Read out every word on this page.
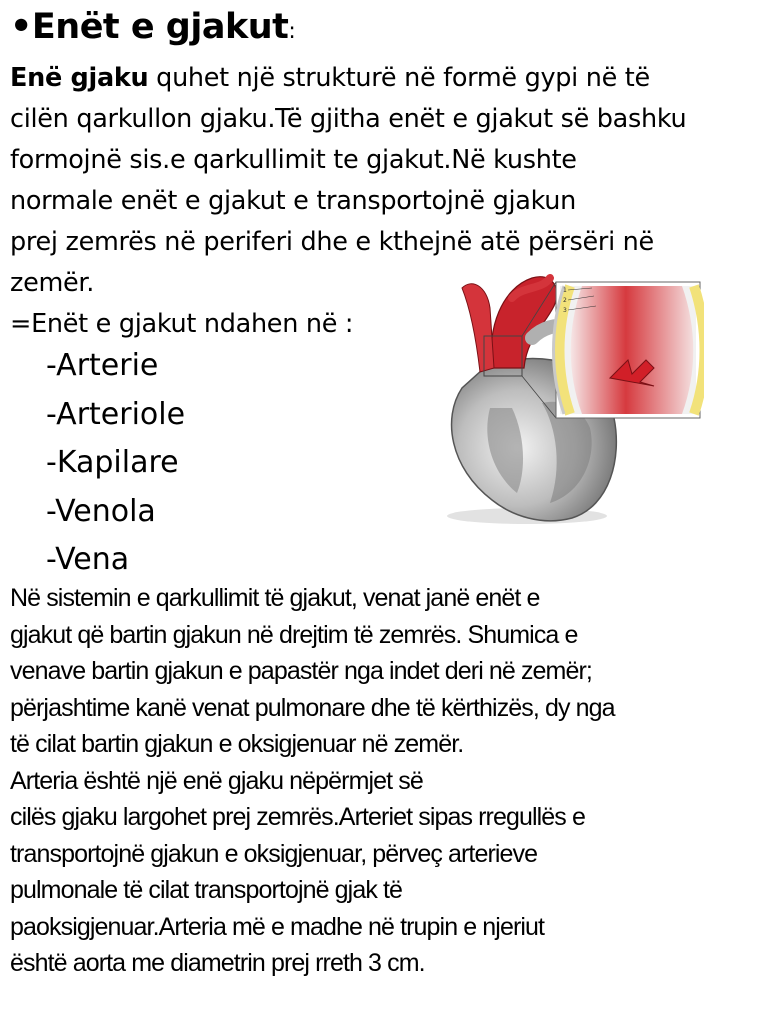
•Enët e gjakut:

Enë gjaku quhet një strukturë në formë gypi në të

cilën qarkullon gjaku.Të gjitha enët e gjakut së bashku

formojnë sis.e qarkullimit te gjakut.Në kushte

normale enët e gjakut e transportojnë gjakun

prej zemrës në periferi dhe e kthejnë atë përsëri në

zemër.

=Enët e gjakut ndahen në :

-Arterie
-Arteriole
-Kapilare
-Venola
-Vena
1
2
3

Në sistemin e qarkullimit të gjakut, venat janë enët e

gjakut që bartin gjakun në drejtim të zemrës. Shumica e

venave bartin gjakun e papastër nga indet deri në zemër;

përjashtime kanë venat pulmonare dhe të kërthizës, dy nga

të cilat bartin gjakun e oksigjenuar në zemër.

Arteria është një enë gjaku nëpërmjet së

cilës gjaku largohet prej zemrës.Arteriet sipas rregullës e

transportojnë gjakun e oksigjenuar, përveç arterieve

pulmonale të cilat transportojnë gjak të

paoksigjenuar.Arteria më e madhe në trupin e njeriut

është aorta me diametrin prej rreth 3 cm.
